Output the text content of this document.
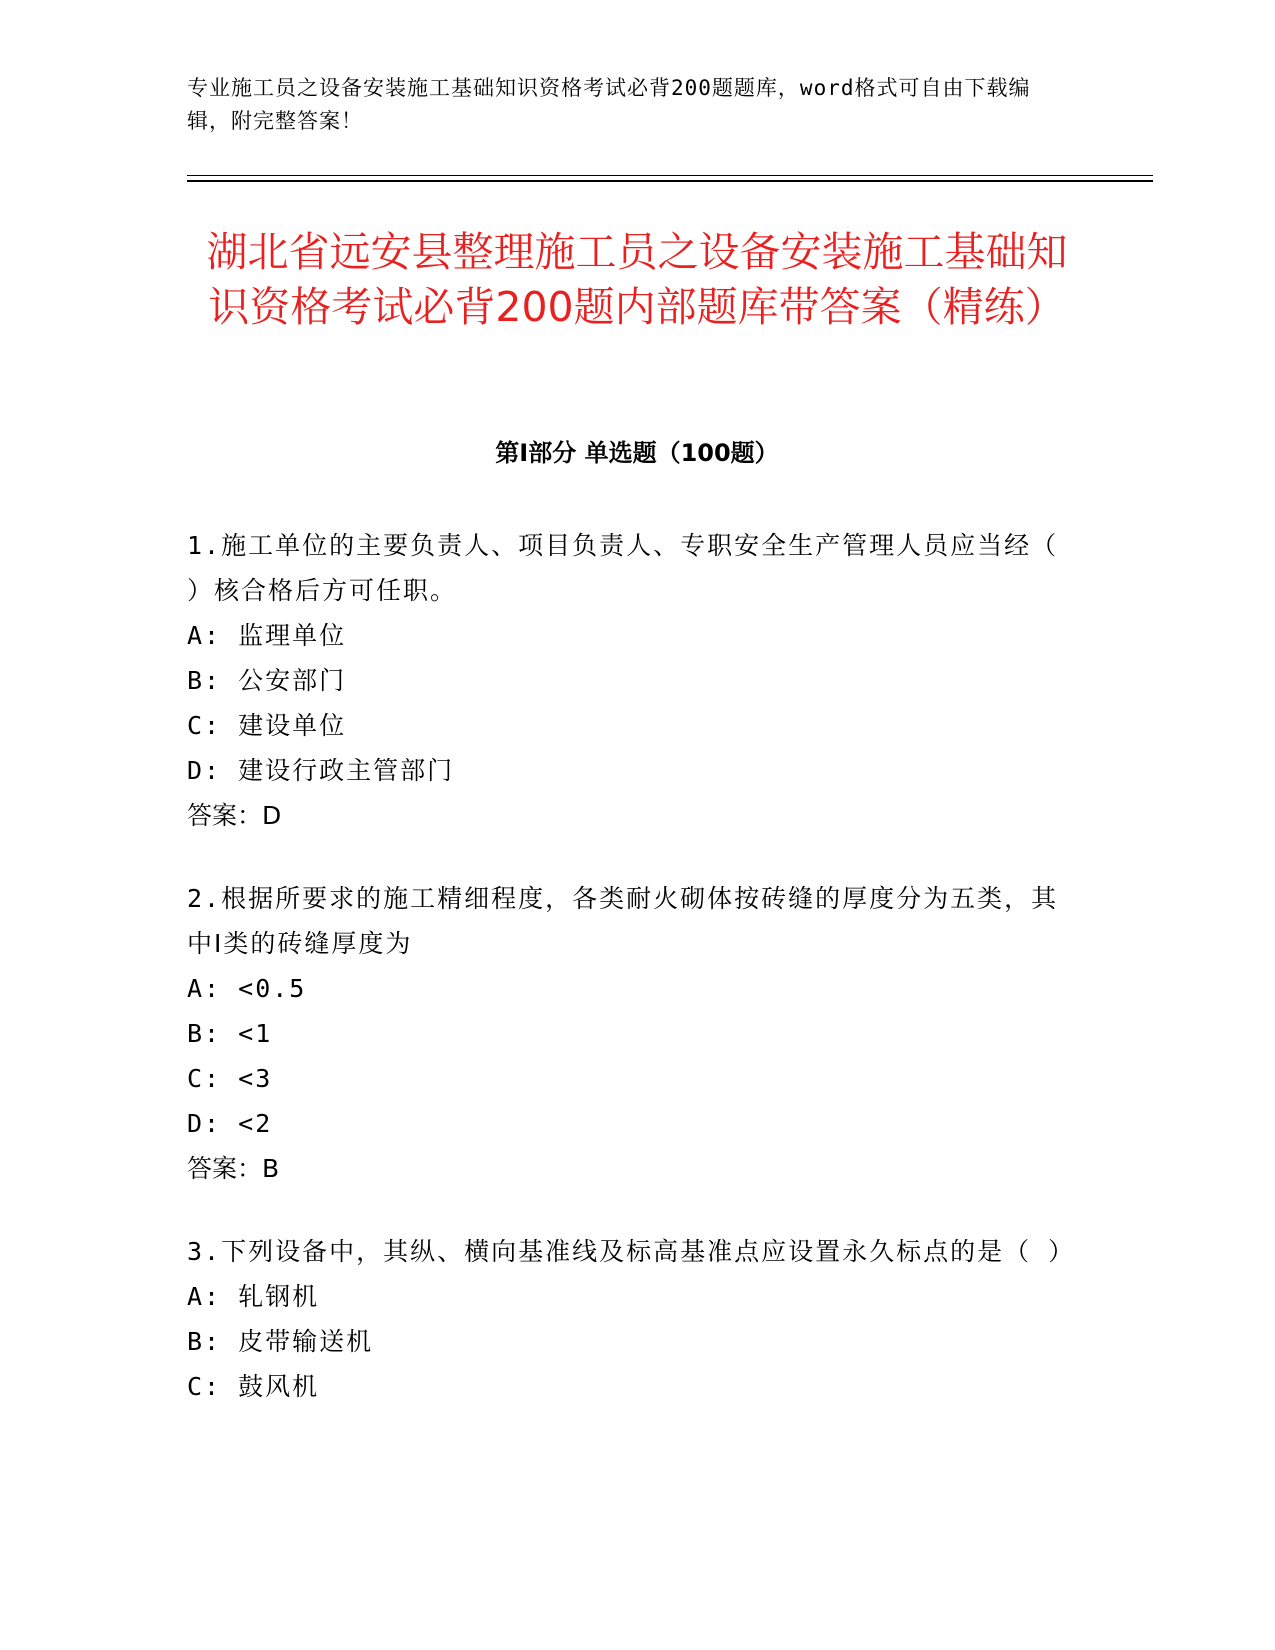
专业施工员之设备安装施工基础知识资格考试必背200题题库，word格式可自由下载编辑，附完整答案！
湖北省远安县整理施工员之设备安装施工基础知识资格考试必背200题内部题库带答案（精练）
第Ⅰ部分 单选题（100题）
1.施工单位的主要负责人、项目负责人、专职安全生产管理人员应当经（ ）核合格后方可任职。
A: 监理单位
B: 公安部门
C: 建设单位
D: 建设行政主管部门
答案：D
2.根据所要求的施工精细程度，各类耐火砌体按砖缝的厚度分为五类，其中Ⅰ类的砖缝厚度为
A: <0.5
B: <1
C: <3
D: <2
答案：B
3.下列设备中，其纵、横向基准线及标高基准点应设置永久标点的是（ ）
A: 轧钢机
B: 皮带输送机
C: 鼓风机
